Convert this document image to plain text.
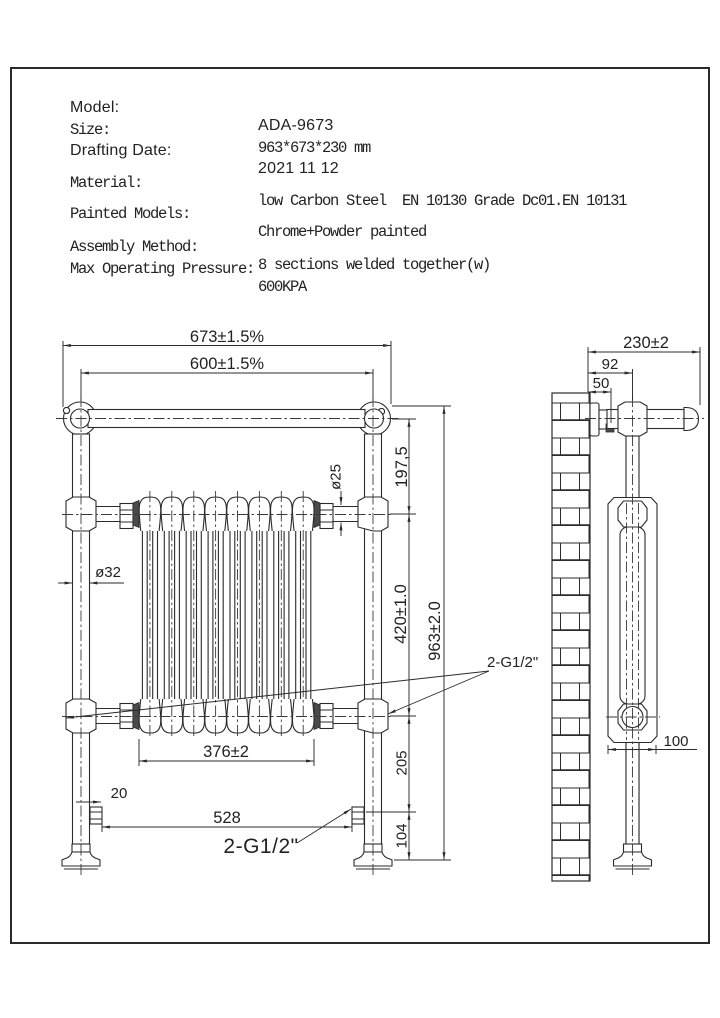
Model:

ADA-9673

Size:

963*673*230 mm

Drafting Date:

2021 11 12

Material:

low Carbon Steel  EN 10130 Grade Dc01.EN 10131

Painted Models:

Chrome+Powder painted

Assembly Method:

8 sections welded together(w)

Max Operating Pressure:

600KPA

673±1.5%
600±1.5%
197,5
420±1.0 963±2.0
ø25
ø32
376±2
20
528
205
104
2-G1/2"
2-G1/2"
230±2
92
50
100
